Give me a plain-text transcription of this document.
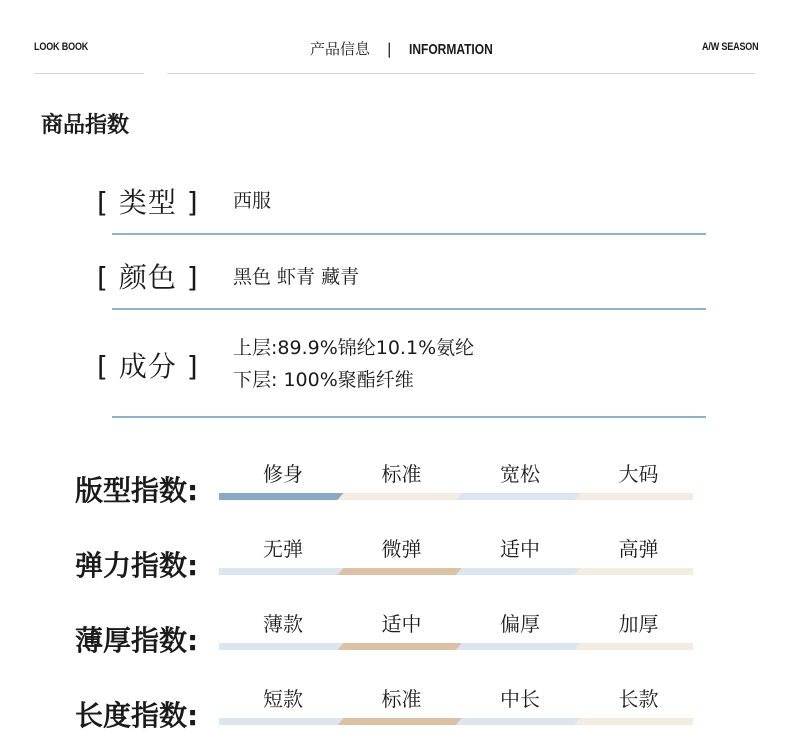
LOOK BOOK	产品信息 | INFORMATION	A/W SEASON
商品指数
[ 类型 ] 西服
[ 颜色 ] 黑色 虾青 藏青
[ 成分 ]
上层:89.9%锦纶10.1%氨纶
下层: 100%聚酯纤维
版型指数:	修身	标准	宽松	大码
弹力指数:	无弹	微弹	适中	高弹
薄厚指数:	薄款	适中	偏厚	加厚
长度指数:	短款	标准	中长	长款
